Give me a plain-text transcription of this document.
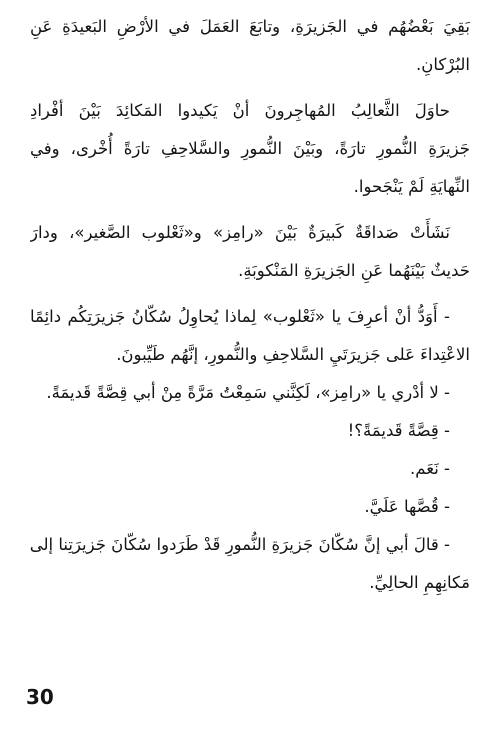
بَقِيَ بَعْضُهُم في الجَزيرَةِ، وتابَعَ العَمَلَ في الأرْضِ البَعيدَةِ عَنِ
البُرْكانِ.
حاوَلَ الثَّعالِبُ المُهاجِرونَ أنْ يَكيدوا المَكائِدَ بَيْنَ أفْرادِ
جَزيرَةِ النُّمورِ تارَةً، وبَيْنَ النُّمورِ والسَّلاحِفِ تارَةً أُخْرى، وفي
النِّهايَةِ لَمْ يَنْجَحوا.
نَشَأَتْ صَداقَةٌ كَبيرَةٌ بَيْنَ «رامِز» و«ثَعْلوب الصَّغير»، ودارَ
حَديثٌ بَيْنَهُما عَنِ الجَزيرَةِ المَنْكوبَةِ.
- أَوَدُّ أنْ أعرِفَ يا «ثَعْلوب» لِماذا يُحاوِلُ سُكّانُ جَزيرَتِكُم دائِمًا
الاعْتِداءَ عَلى جَزيرَتَيِ السَّلاحِفِ والنُّمورِ، إنَّهُم طَيِّبونَ.
- لا أدْري يا «رامِز»، لَكِنَّني سَمِعْتُ مَرَّةً مِنْ أبي قِصَّةً قَديمَةً.
- قِصَّةً قَديمَةً؟!
- نَعَم.
- قُصَّها عَلَيَّ.
- قالَ أبي إنَّ سُكّانَ جَزيرَةِ النُّمورِ قَدْ طَرَدوا سُكّانَ جَزيرَتِنا إلى
مَكانِهِمِ الحالِيِّ.
30
